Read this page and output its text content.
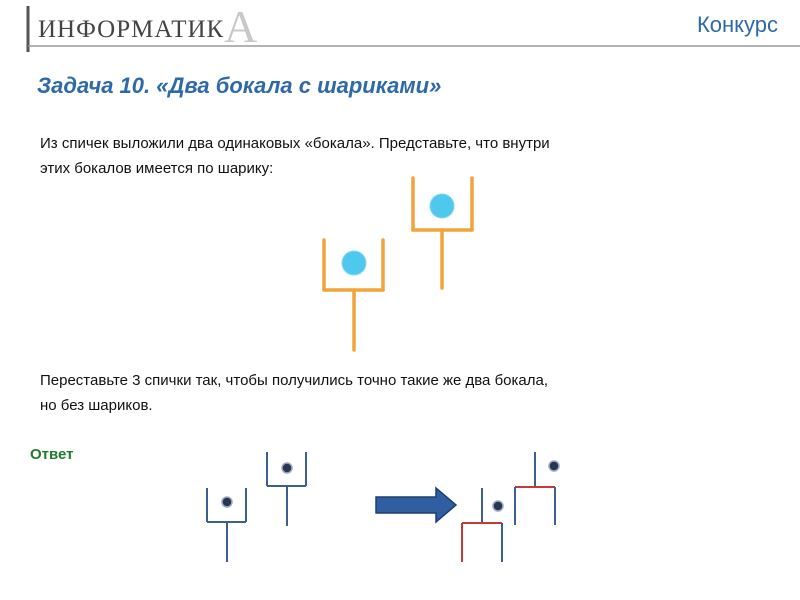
А
ИНФОРМАТИК	Конкурс
Задача 10. «Два бокала с шариками»
Из спичек выложили два одинаковых «бокала». Представьте, что внутри
этих бокалов имеется по шарику:
Переставьте 3 спички так, чтобы получились точно такие же два бокала,
но без шариков.
Ответ
